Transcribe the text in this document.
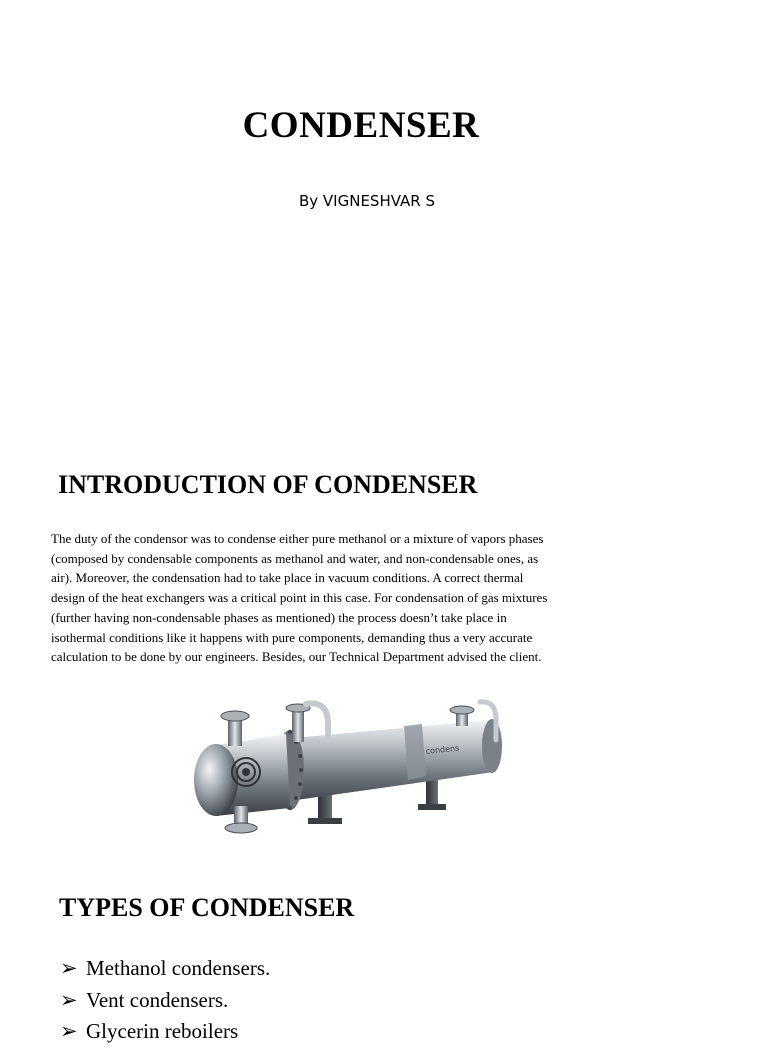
CONDENSER
By VIGNESHVAR S
INTRODUCTION OF CONDENSER

The duty of the condensor was to condense either pure methanol or a mixture of vapors phases
(composed by condensable components as methanol and water, and non-condensable ones, as
air). Moreover, the condensation had to take place in vacuum conditions. A correct thermal
design of the heat exchangers was a critical point in this case. For condensation of gas mixtures
(further having non-condensable phases as mentioned) the process doesn’t take place in
isothermal conditions like it happens with pure components, demanding thus a very accurate
calculation to be done by our engineers. Besides, our Technical Department advised the client.

condens
TYPES OF CONDENSER
➢ Methanol condensers.
➢ Vent condensers.
➢ Glycerin reboilers
